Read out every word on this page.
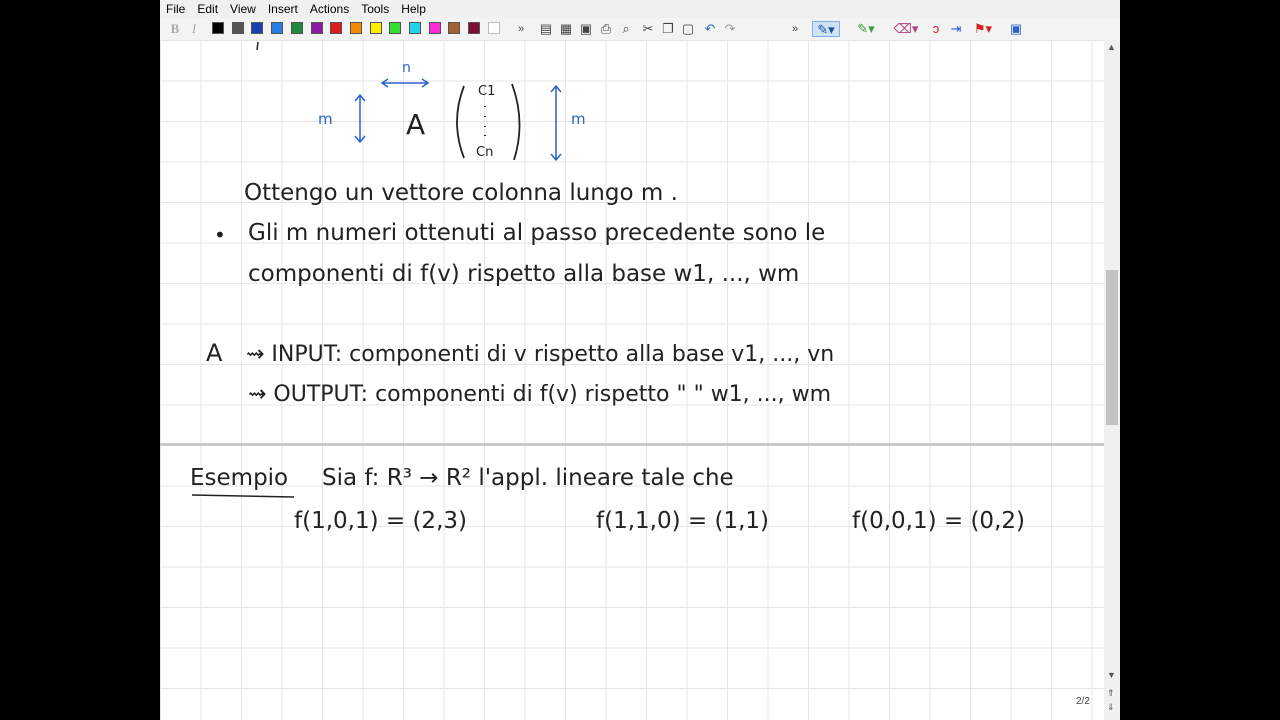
File Edit View Insert Actions Tools Help
B I	» ▤ ▦ ▣ ⎙ ⌕ ✂ ❐ ▢ ↶ ↷	»	✎▾	✎▾	⌫▾	ↄ ⇥ ⚑▾	▣
m
n
A
C1
Cn
m
Ottengo un vettore colonna lungo m .
• Gli m numeri ottenuti al passo precedente sono le
componenti di f(v) rispetto alla base w1, ..., wm
A ⇝ INPUT: componenti di v rispetto alla base v1, ..., vn
⇝ OUTPUT: componenti di f(v) rispetto " " w1, ..., wm
Esempio Sia f: R³ → R² l'appl. lineare tale che
f(1,0,1) = (2,3)	f(1,1,0) = (1,1)	f(0,0,1) = (0,2)
▲
▼
⇑
⇓
2/2
